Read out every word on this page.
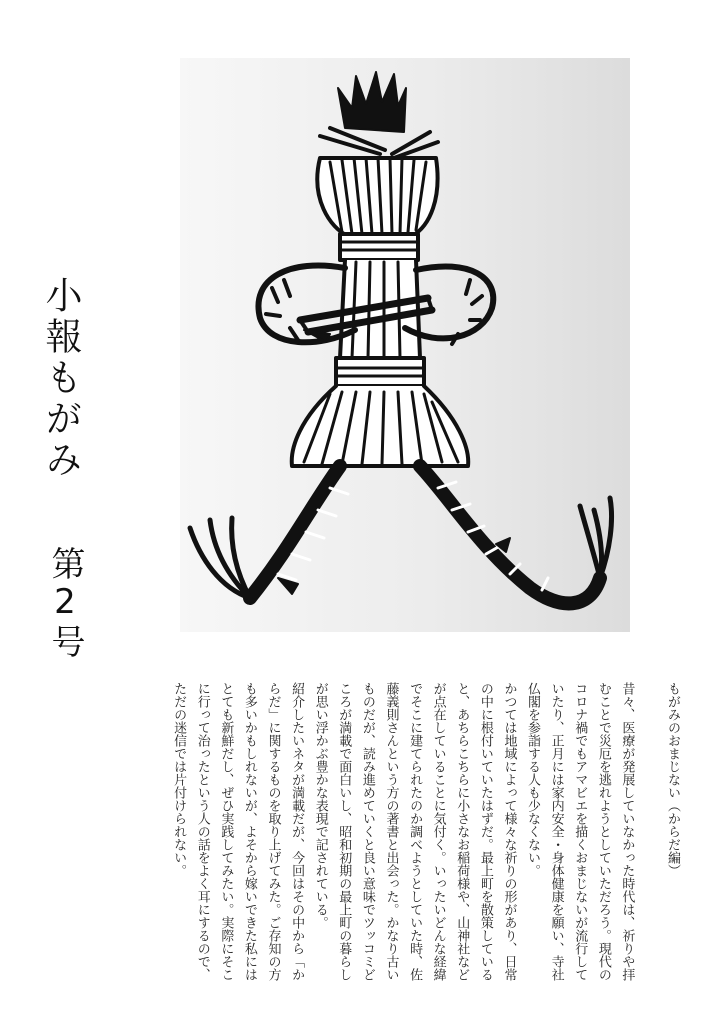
小報もがみ
第2号
もがみのおまじない（からだ編）

昔々、医療が発展していなかった時代は、祈りや拝むことで災厄を逃れようとしていただろう。現代のコロナ禍でもアマビエを描くおまじないが流行していたり、正月には家内安全・身体健康を願い、寺社仏閣を参詣する人も少なくない。

かつては地域によって様々な祈りの形があり、日常の中に根付いていたはずだ。最上町を散策していると、あちらこちらに小さなお稲荷様や、山神社などが点在していることに気付く。いったいどんな経緯でそこに建てられたのか調べようとしていた時、佐藤義則さんという方の著書と出会った。かなり古いものだが、読み進めていくと良い意味でツッコミどころが満載で面白いし、昭和初期の最上町の暮らしが思い浮かぶ豊かな表現で記されている。

紹介したいネタが満載だが、今回はその中から「からだ」に関するものを取り上げてみた。ご存知の方も多いかもしれないが、よそから嫁いできた私にはとても新鮮だし、ぜひ実践してみたい。実際にそこに行って治ったという人の話をよく耳にするので、ただの迷信では片付けられない。
